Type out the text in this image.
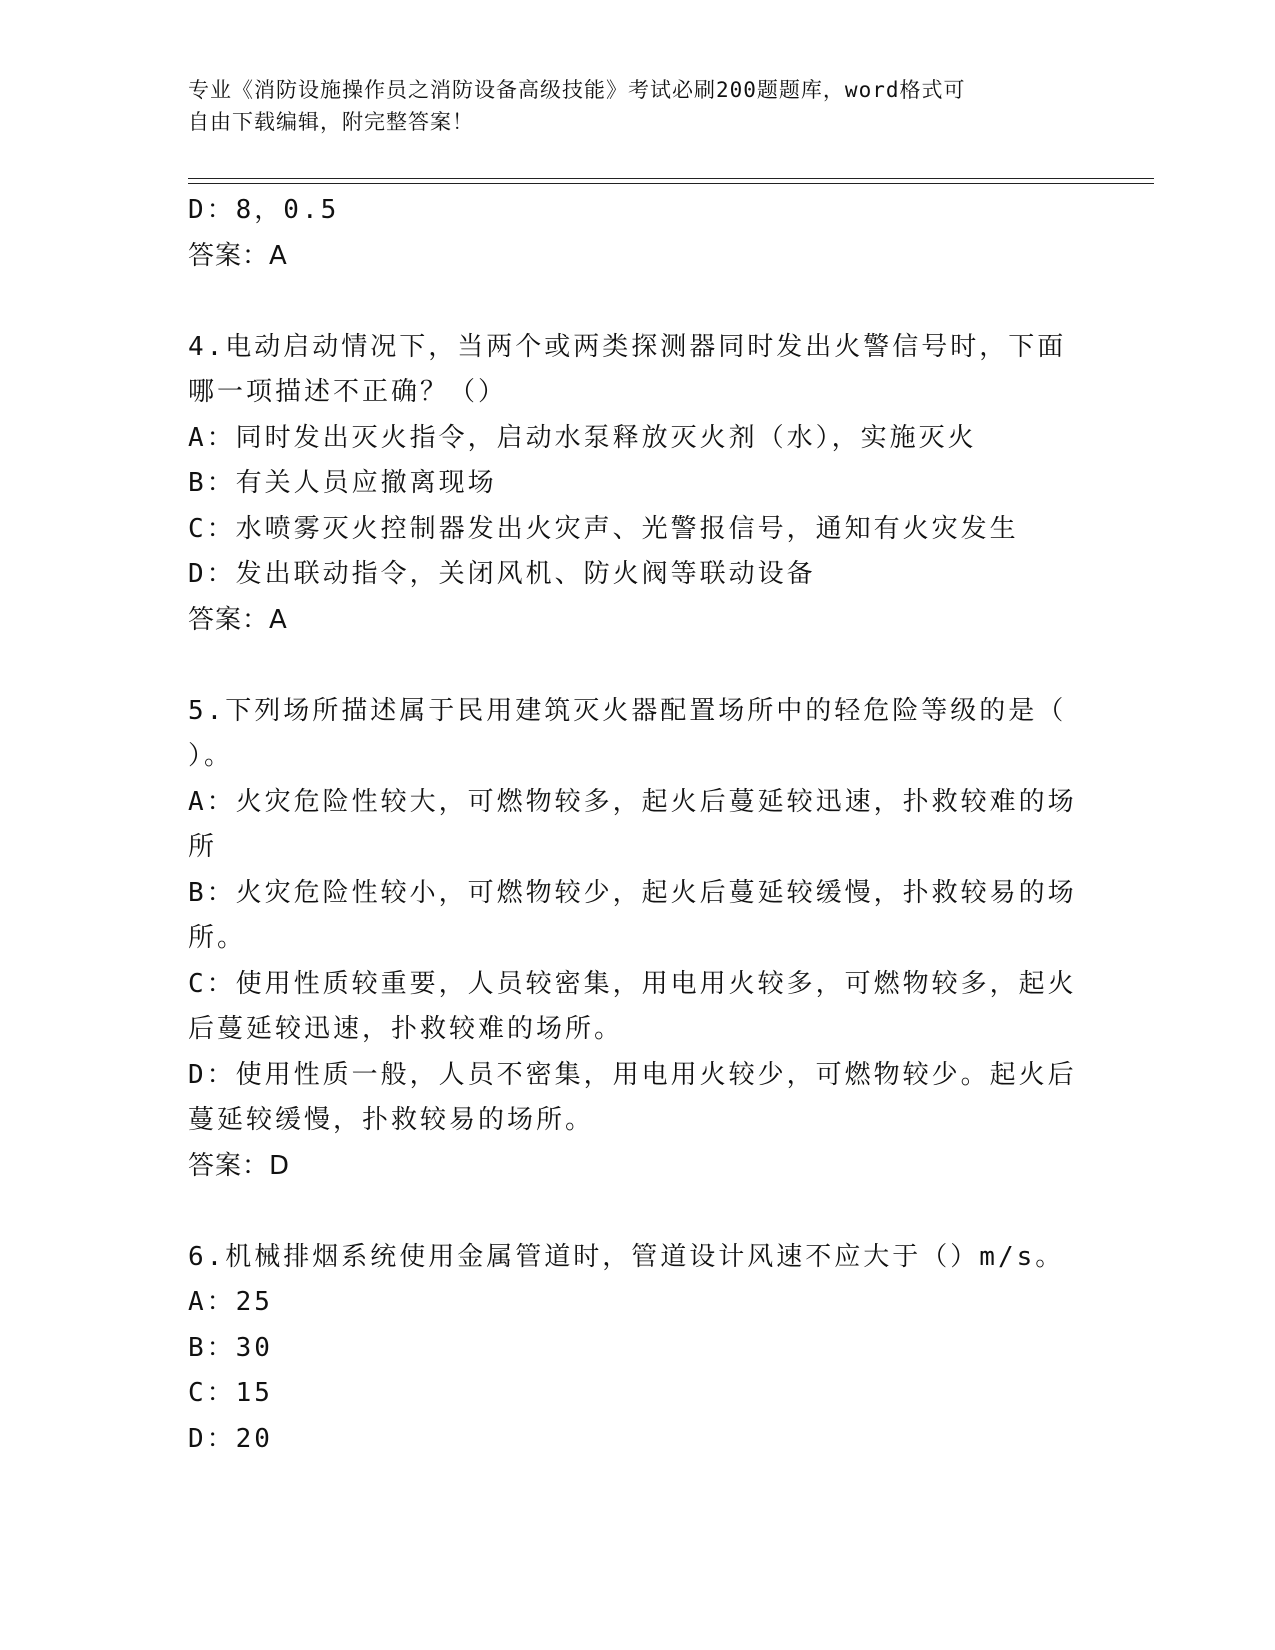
专业《消防设施操作员之消防设备高级技能》考试必刷200题题库，word格式可
自由下载编辑，附完整答案！
D：8，0.5
答案：A
4.电动启动情况下，当两个或两类探测器同时发出火警信号时，下面
哪一项描述不正确？（）
A：同时发出灭火指令，启动水泵释放灭火剂（水），实施灭火
B：有关人员应撤离现场
C：水喷雾灭火控制器发出火灾声、光警报信号，通知有火灾发生
D：发出联动指令，关闭风机、防火阀等联动设备
答案：A
5.下列场所描述属于民用建筑灭火器配置场所中的轻危险等级的是（
）。
A：火灾危险性较大，可燃物较多，起火后蔓延较迅速，扑救较难的场
所
B：火灾危险性较小，可燃物较少，起火后蔓延较缓慢，扑救较易的场
所。
C：使用性质较重要，人员较密集，用电用火较多，可燃物较多，起火
后蔓延较迅速，扑救较难的场所。
D：使用性质一般，人员不密集，用电用火较少，可燃物较少。起火后
蔓延较缓慢，扑救较易的场所。
答案：D
6.机械排烟系统使用金属管道时，管道设计风速不应大于（）m/s。
A：25
B：30
C：15
D：20
